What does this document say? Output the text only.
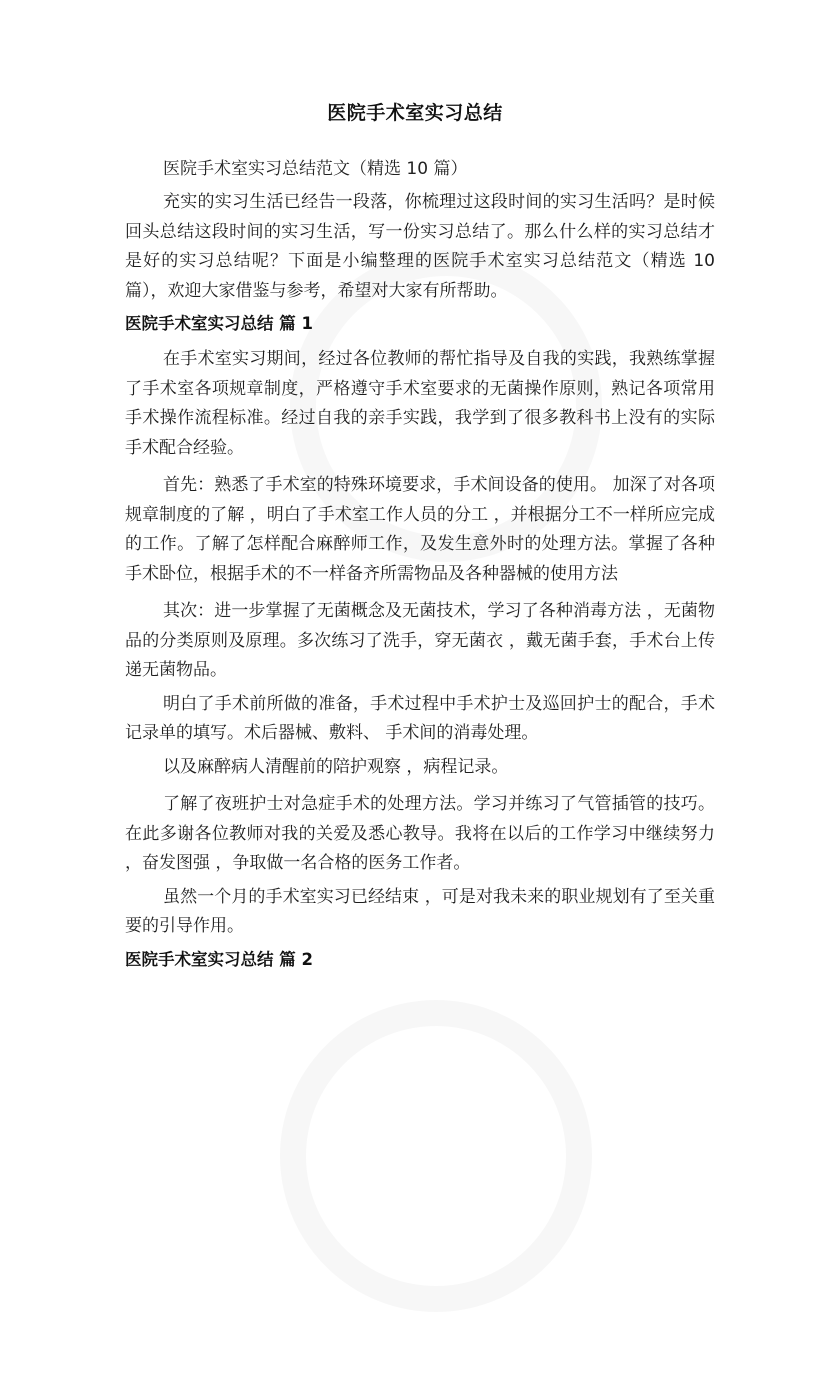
医院手术室实习总结
医院手术室实习总结范文（精选 10 篇）

充实的实习生活已经告一段落，你梳理过这段时间的实习生活吗？是时候回头总结这段时间的实习生活，写一份实习总结了。那么什么样的实习总结才是好的实习总结呢？下面是小编整理的医院手术室实习总结范文（精选 10 篇），欢迎大家借鉴与参考，希望对大家有所帮助。

医院手术室实习总结 篇 1

在手术室实习期间，经过各位教师的帮忙指导及自我的实践，我熟练掌握了手术室各项规章制度，严格遵守手术室要求的无菌操作原则，熟记各项常用手术操作流程标准。经过自我的亲手实践，我学到了很多教科书上没有的实际手术配合经验。

首先：熟悉了手术室的特殊环境要求，手术间设备的使用。 加深了对各项规章制度的了解 ，明白了手术室工作人员的分工 ，并根据分工不一样所应完成的工作。了解了怎样配合麻醉师工作，及发生意外时的处理方法。掌握了各种手术卧位，根据手术的不一样备齐所需物品及各种器械的使用方法

其次：进一步掌握了无菌概念及无菌技术，学习了各种消毒方法 ，无菌物品的分类原则及原理。多次练习了洗手，穿无菌衣 ，戴无菌手套，手术台上传递无菌物品。

明白了手术前所做的准备，手术过程中手术护士及巡回护士的配合，手术记录单的填写。术后器械、敷料、 手术间的消毒处理。

以及麻醉病人清醒前的陪护观察 ，病程记录。

了解了夜班护士对急症手术的处理方法。学习并练习了气管插管的技巧。在此多谢各位教师对我的关爱及悉心教导。我将在以后的工作学习中继续努力 ，奋发图强 ，争取做一名合格的医务工作者。

虽然一个月的手术室实习已经结束 ，可是对我未来的职业规划有了至关重要的引导作用。

医院手术室实习总结 篇 2
